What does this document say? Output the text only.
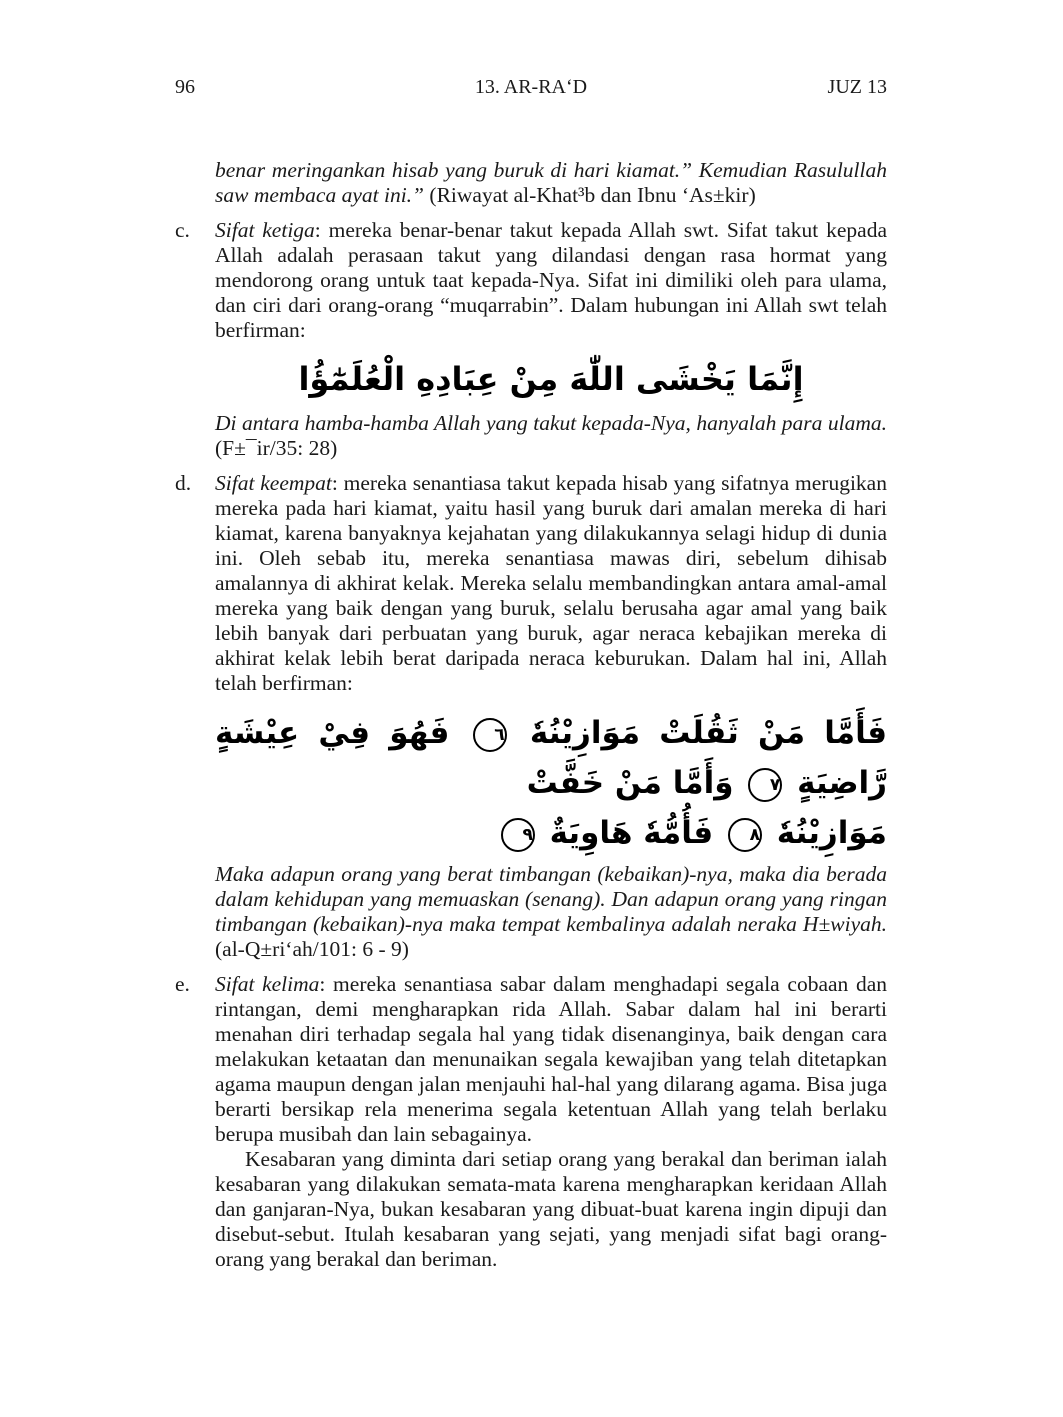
96	13. AR-RA‘D	JUZ 13

benar meringankan hisab yang buruk di hari kiamat.” Kemudian Rasulullah saw membaca ayat ini.” (Riwayat al-Khat³b dan Ibnu ‘As±kir)

c. Sifat ketiga: mereka benar-benar takut kepada Allah swt. Sifat takut kepada Allah adalah perasaan takut yang dilandasi dengan rasa hormat yang mendorong orang untuk taat kepada-Nya. Sifat ini dimiliki oleh para ulama, dan ciri dari orang-orang “muqarrabin”. Dalam hubungan ini Allah swt telah berfirman:

إِنَّمَا يَخْشَى اللّٰهَ مِنْ عِبَادِهِ الْعُلَمٰٓؤُا

Di antara hamba-hamba Allah yang takut kepada-Nya, hanyalah para ulama. (F±¯ir/35: 28)

d. Sifat keempat: mereka senantiasa takut kepada hisab yang sifatnya merugikan mereka pada hari kiamat, yaitu hasil yang buruk dari amalan mereka di hari kiamat, karena banyaknya kejahatan yang dilakukannya selagi hidup di dunia ini. Oleh sebab itu, mereka senantiasa mawas diri, sebelum dihisab amalannya di akhirat kelak. Mereka selalu membandingkan antara amal-amal mereka yang baik dengan yang buruk, selalu berusaha agar amal yang baik lebih banyak dari perbuatan yang buruk, agar neraca kebajikan mereka di akhirat kelak lebih berat daripada neraca keburukan. Dalam hal ini, Allah telah berfirman:

فَأَمَّا مَنْ ثَقُلَتْ مَوَازِيْنُهٗ ٦ فَهُوَ فِيْ عِيْشَةٍ رَّاضِيَةٍ ٧ وَأَمَّا مَنْ خَفَّتْ
مَوَازِيْنُهٗ ٨ فَأُمُّهٗ هَاوِيَةٌ ٩

Maka adapun orang yang berat timbangan (kebaikan)-nya, maka dia berada dalam kehidupan yang memuaskan (senang). Dan adapun orang yang ringan timbangan (kebaikan)-nya maka tempat kembalinya adalah neraka H±wiyah. (al-Q±ri‘ah/101: 6 - 9)

e. Sifat kelima: mereka senantiasa sabar dalam menghadapi segala cobaan dan rintangan, demi mengharapkan rida Allah. Sabar dalam hal ini berarti menahan diri terhadap segala hal yang tidak disenanginya, baik dengan cara melakukan ketaatan dan menunaikan segala kewajiban yang telah ditetapkan agama maupun dengan jalan menjauhi hal-hal yang dilarang agama. Bisa juga berarti bersikap rela menerima segala ketentuan Allah yang telah berlaku berupa musibah dan lain sebagainya.

Kesabaran yang diminta dari setiap orang yang berakal dan beriman ialah kesabaran yang dilakukan semata-mata karena mengharapkan keridaan Allah dan ganjaran-Nya, bukan kesabaran yang dibuat-buat karena ingin dipuji dan disebut-sebut. Itulah kesabaran yang sejati, yang menjadi sifat bagi orang-orang yang berakal dan beriman.
